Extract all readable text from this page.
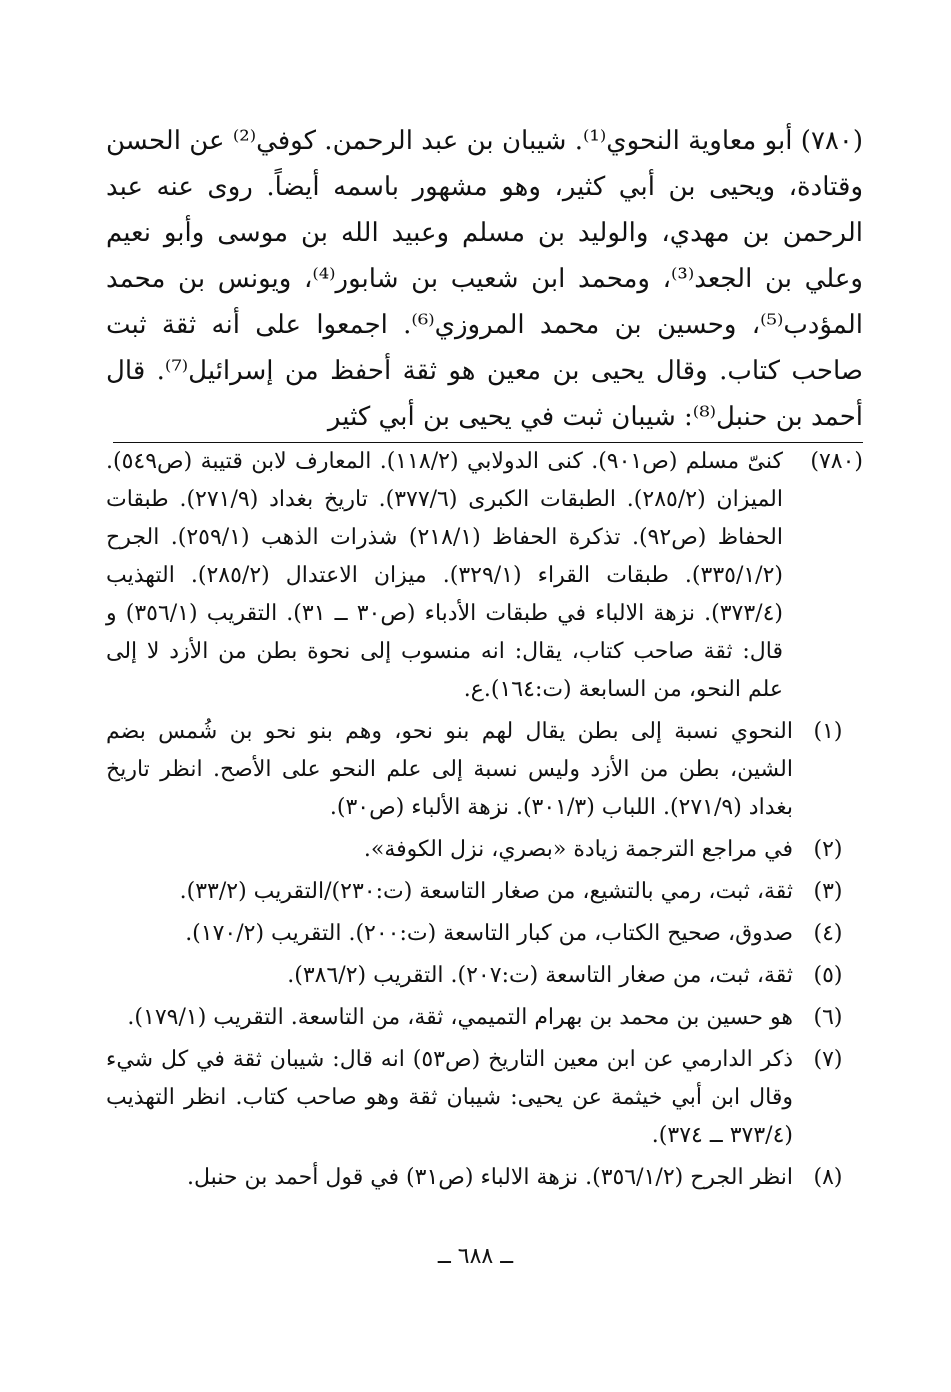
(٧٨٠) أبو معاوية النحوي⁽¹⁾. شيبان بن عبد الرحمن. كوفي⁽²⁾ عن الحسن وقتادة، ويحيى بن أبي كثير، وهو مشهور باسمه أيضاً. روى عنه عبد الرحمن بن مهدي، والوليد بن مسلم وعبيد الله بن موسى وأبو نعيم وعلي بن الجعد⁽³⁾، ومحمد ابن شعيب بن شابور⁽⁴⁾، ويونس بن محمد المؤدب⁽⁵⁾، وحسين بن محمد المروزي⁽⁶⁾. اجمعوا على أنه ثقة ثبت صاحب كتاب. وقال يحيى بن معين هو ثقة أحفظ من إسرائيل⁽⁷⁾. قال أحمد بن حنبل⁽⁸⁾: شيبان ثبت في يحيى بن أبي كثير

(٧٨٠)
كنىّ مسلم (ص٩٠١). كنى الدولابي (١١٨/٢). المعارف لابن قتيبة (ص٥٤٩). الميزان (٢٨٥/٢). الطبقات الكبرى (٣٧٧/٦). تاريخ بغداد (٢٧١/٩). طبقات الحفاظ (ص٩٢). تذكرة الحفاظ (٢١٨/١) شذرات الذهب (٢٥٩/١). الجرح (٣٣٥/١/٢). طبقات القراء (٣٢٩/١). ميزان الاعتدال (٢٨٥/٢). التهذيب (٣٧٣/٤). نزهة الالباء في طبقات الأدباء (ص٣٠ ــ ٣١). التقريب (٣٥٦/١) و قال: ثقة صاحب كتاب، يقال: انه منسوب إلى نحوة بطن من الأزد لا إلى علم النحو، من السابعة (ت:١٦٤).ع.
(١)
النحوي نسبة إلى بطن يقال لهم بنو نحو، وهم بنو نحو بن شُمس بضم الشين، بطن من الأزد وليس نسبة إلى علم النحو على الأصح. انظر تاريخ بغداد (٢٧١/٩). اللباب (٣٠١/٣). نزهة الألباء (ص٣٠).
(٢)
في مراجع الترجمة زيادة «بصري، نزل الكوفة».
(٣)
ثقة، ثبت، رمي بالتشيع، من صغار التاسعة (ت:٢٣٠)/التقريب (٣٣/٢).
(٤)
صدوق، صحيح الكتاب، من كبار التاسعة (ت:٢٠٠). التقريب (١٧٠/٢).
(٥)
ثقة، ثبت، من صغار التاسعة (ت:٢٠٧). التقريب (٣٨٦/٢).
(٦)
هو حسين بن محمد بن بهرام التميمي، ثقة، من التاسعة. التقريب (١٧٩/١).
(٧)
ذكر الدارمي عن ابن معين التاريخ (ص٥٣) انه قال: شيبان ثقة في كل شيء وقال ابن أبي خيثمة عن يحيى: شيبان ثقة وهو صاحب كتاب. انظر التهذيب (٣٧٣/٤ ــ ٣٧٤).
(٨)
انظر الجرح (٣٥٦/١/٢). نزهة الالباء (ص٣١) في قول أحمد بن حنبل.
ــ ٦٨٨ ــ
